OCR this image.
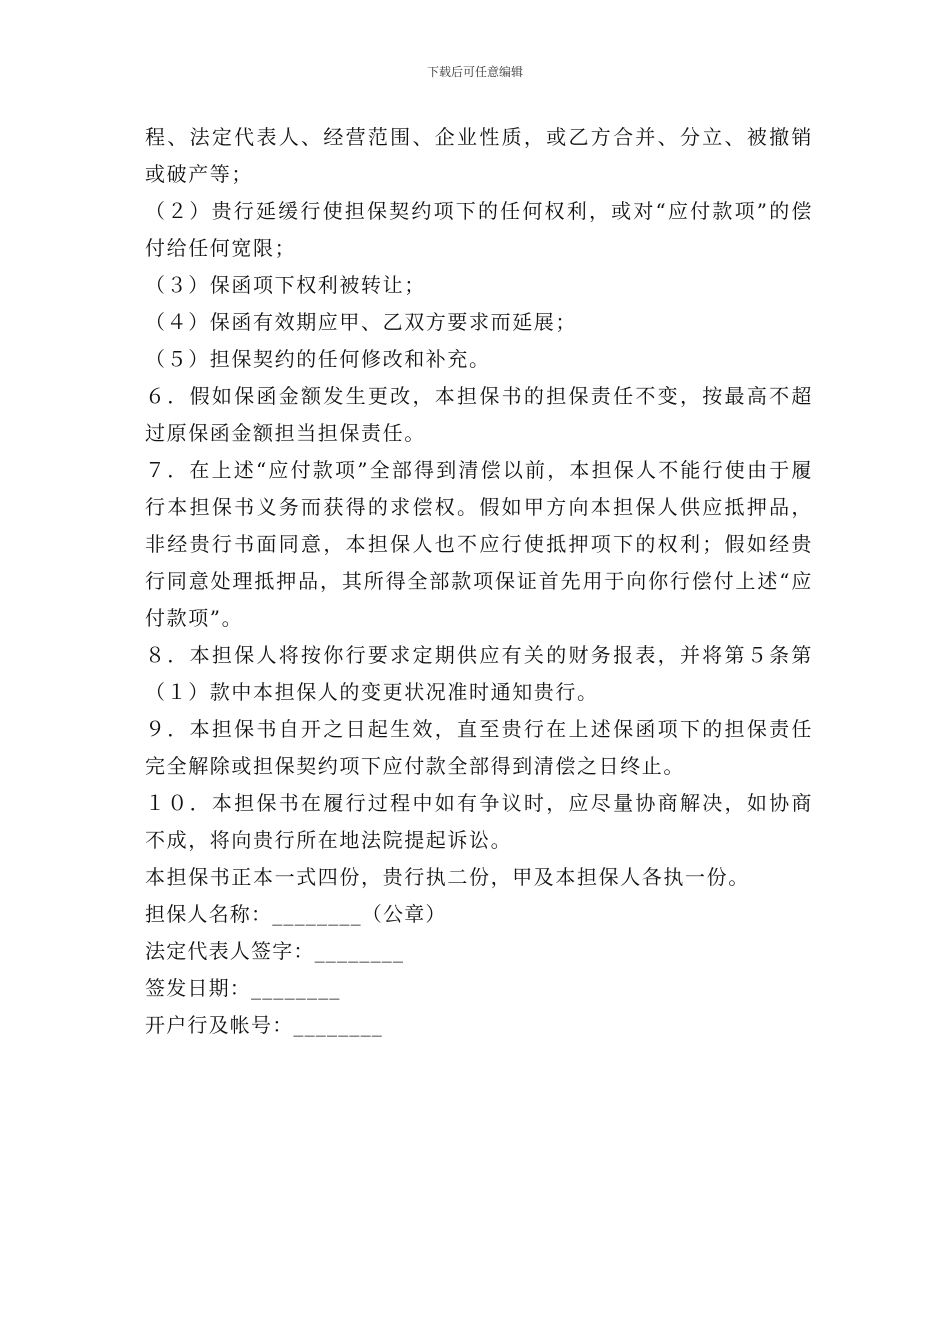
下载后可任意编辑

程、法定代表人、经营范围、企业性质，或乙方合并、分立、被撤销或破产等；

（２）贵行延缓行使担保契约项下的任何权利，或对“应付款项”的偿付给任何宽限；

（３）保函项下权利被转让；

（４）保函有效期应甲、乙双方要求而延展；

（５）担保契约的任何修改和补充。

６．假如保函金额发生更改，本担保书的担保责任不变，按最高不超过原保函金额担当担保责任。

７．在上述“应付款项”全部得到清偿以前，本担保人不能行使由于履行本担保书义务而获得的求偿权。假如甲方向本担保人供应抵押品，非经贵行书面同意，本担保人也不应行使抵押项下的权利；假如经贵行同意处理抵押品，其所得全部款项保证首先用于向你行偿付上述“应付款项”。

８．本担保人将按你行要求定期供应有关的财务报表，并将第５条第（１）款中本担保人的变更状况准时通知贵行。

９．本担保书自开之日起生效，直至贵行在上述保函项下的担保责任完全解除或担保契约项下应付款全部得到清偿之日终止。

１０．本担保书在履行过程中如有争议时，应尽量协商解决，如协商不成，将向贵行所在地法院提起诉讼。

本担保书正本一式四份，贵行执二份，甲及本担保人各执一份。

担保人名称：________（公章）

法定代表人签字：________

签发日期：________

开户行及帐号：________
